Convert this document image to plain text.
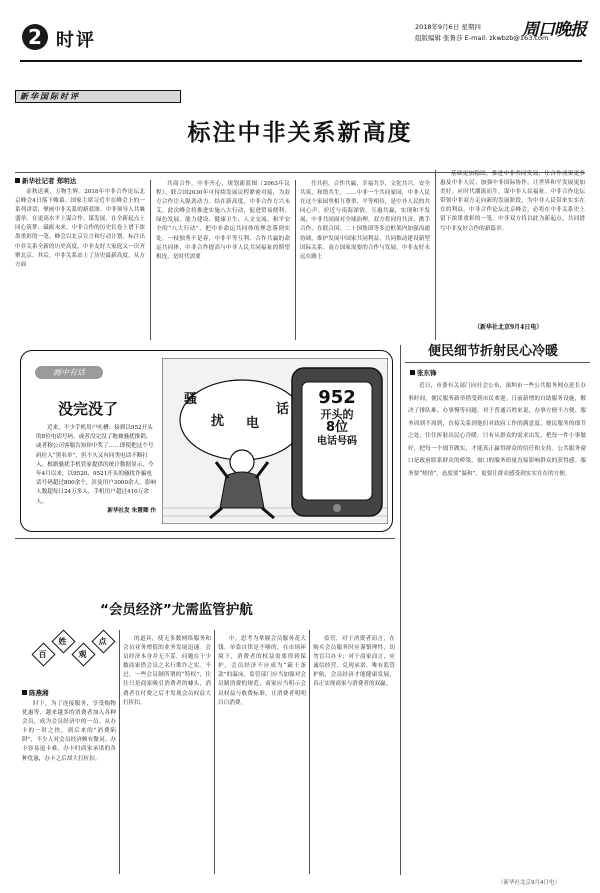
2 时评
2018年9月6日 星期四
组版编辑 张鲁莎 E-mail: zkwbzb@163.com
周口晚报
新华国际时评
标注中非关系新高度
新华社记者 郑明达
金秋送爽，万物生辉。2018年中非合作论坛北京峰会4日落下帷幕。国家主席习近平在峰会上的一系列讲话，擘画中非关系的新蓝图。中非领导人共襄盛举，在更高水平上谋合作、谋发展，在全新起点上同心筑梦、砥砺未来。中非合作的历史长卷上谱下浓墨重彩的一笔。峰会以北京宣言和行动计划，标注出中非关系全新的历史高度。中非友好大家庭又一次齐聚北京。其后，中非关系站上了历史最新高度，从方方面
共商合作，中非齐心，规划新蓝图（2063年议程）、联合国2030年可持续发展议程紧密对接，为双方合作注入强劲动力。结在新高度，中非合作方兴未艾。此次峰会将推进实施八大行动，促进贸易便利、绿色发展、能力建设、健康卫生、人文交流、和平安全的“八大行动”，把中非命运共同体的理念落到实处。一枝独秀不是春，中非平等互利、合作共赢的命运共同体，中非合作提高与中非人民共同福祉的期望相连，是时代需要
任共担，合作共赢，幸福共享，文化共兴，安全共筑，和谐共生。……中非一个共同家园，中非人民在这个家园里相互尊重、平等相待，是中非人民的共同心声。拉近与南海深情，互惠共赢，实现和平发展，中非共同面对全球治理。双方将同舟共济、携手合作，在联合国、二十国集团等多边框架内加强沟通协调，维护发展中国家共同利益，共同推动建设新型国际关系。南方国家需要的合作与发展，中非友好永远在路上
基础更加稳固，推进中非共同发展，让合作成果更多惠及中非人民；加强中非国际协作，让世界和平发展更加美好。应时代潮流而生，谋中非人民福祉。中非合作论坛带领中非双方走向新的发展阶段，为中非人民带来实实在在的利益。中非合作论坛北京峰会，必将在中非关系史上留下浓墨重彩的一笔，中非双方将以此为新起点，共同谱写中非友好合作的新篇章。
（新华社北京9月4日电）
画中有话
没完没了
近来，不少手机用户吐槽：接到以952开头的8位电话号码，或者没完没了地被骚扰推销，或者称公司客服告知你中奖了……即使把这个号码拉入“黑名单”，但不久又有同类电话不断打入。根据骚扰手机管家提供的统计数据显示，今年4月以来，以9520、9521开头的骚扰诈骗电话号码超过800余个，涉及用户3000余人，影响人数超每日24万多人，手机用户超过410万余人。
新华社发 朱慧卿 作
骚
扰 电
话
952
开头的
8位
电话号码
便民细节折射民心冷暖
张东锋
近日，市委有关部门向社会公布，深圳市一些公共服务网点延长办事时间，便民服务新举措受到市民欢迎。日前新增的自助服务设施，解决了排队难、办事慢等问题。对于普通百姓来说，办事方便不方便、服务周到不周到，直接关系到他们对政府工作的满意度。便民服务的细节之处，往往折射出民心冷暖。只有从群众的需求出发，把每一件小事做好，把每一个细节做实，才能真正赢得群众的信任和支持。公共服务窗口是政府联系群众的桥梁，窗口的服务质量直接影响群众的获得感。服务要“热情”，态度要“温和”，更要让群众感受到实实在在的方便。
“会员经济”尤需监管护航
百
姓
观
点
陈燕湘
时下，为了连接服务，享受购物优惠等，越来越多的消费者加入各种会员，成为会员经济中的一员。从办卡的一时之快，到后来的“消费陷阱”，不少人对会员经济颇有微词。办卡容易退卡难，办卡时商家承诺的各种优惠，办卡之后却大打折扣。
的道具，使无多数网络服务和会员业务增值的业务发展迅速。会员经济本身并无不妥，问题在于少数商家借会员之名行欺诈之实。不过，一些会员制所谓的“特权”，往往只是商家吸引消费者的噱头，消费者在付费之后才发现会员权益大打折扣。
中，思考为掌握会员服务花大钱。单靠自律是不够的，在市场环境下，消费者的权益需要得到保护，会员经济不应成为“霸王条款”的温床。监管部门应当加强对会员制消费的规范，商家应当明示会员权益与收费标准，让消费者明明白白消费。
监管，对于消费者而言，在购买会员服务时应谨慎理性，切勿盲目办卡；对于商家而言，应诚信经营，兑现承诺。唯有监管护航，会员经济才能健康发展，真正实现商家与消费者的双赢。
（新华社北京9月4日电）
